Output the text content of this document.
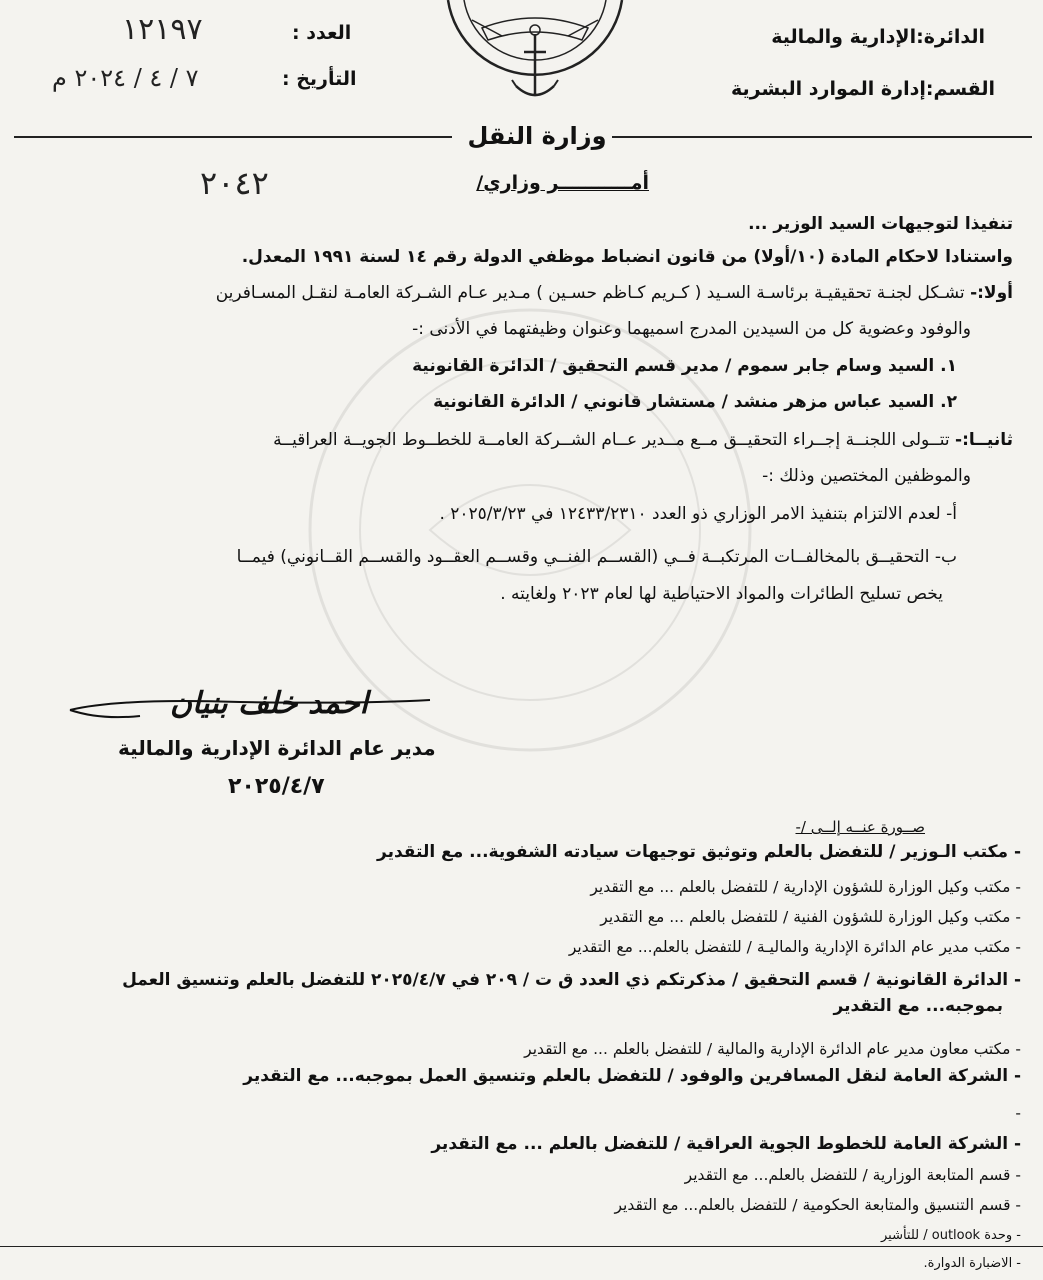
الدائرة:الإدارية والمالية
القسم:إدارة الموارد البشرية
العدد :
١٢١٩٧
التأريخ :
٧ / ٤ / ٢٠٢٤ م
وزارة النقل
أمـــــــــــر وزاري/
٢٠٤٢
تنفيذا لتوجيهات السيد الوزير ...
واستنادا لاحكام المادة (١٠/أولا) من قانون انضباط موظفي الدولة رقم ١٤ لسنة ١٩٩١ المعدل.
أولا:- تشـكل لجنـة تحقيقيـة برئاسـة السـيد ( كـريم كـاظم حسـين ) مـدير عـام الشـركة العامـة لنقـل المسـافرين
والوفود وعضوية كل من السيدين المدرج اسميهما وعنوان وظيفتهما في الأدنى :-
١. السيد وسام جابر سموم / مدير قسم التحقيق / الدائرة القانونية
٢. السيد عباس مزهر منشد / مستشار قانوني / الدائرة القانونية
ثانيــا:- تتــولى اللجنــة إجــراء التحقيــق مــع مــدير عــام الشــركة العامــة للخطــوط الجويــة العراقيــة
والموظفين المختصين وذلك :-
أ- لعدم الالتزام بتنفيذ الامر الوزاري ذو العدد ١٢٤٣٣/٢٣١٠ في ٢٠٢٥/٣/٢٣ .
ب- التحقيــق بالمخالفــات المرتكبــة فــي (القســم الفنــي وقســم العقــود والقســم القــانوني) فيمــا
يخص تسليح الطائرات والمواد الاحتياطية لها لعام ٢٠٢٣ ولغايته .
احمد خلف بنيان
مدير عام الدائرة الإدارية والمالية
٢٠٢٥/٤/٧
صــورة عنــه إلــى /-
- مكتب الـوزير / للتفضل بالعلم وتوثيق توجيهات سيادته الشفوية... مع التقدير
- مكتب وكيل الوزارة للشؤون الإدارية / للتفضل بالعلم ... مع التقدير
- مكتب وكيل الوزارة للشؤون الفنية / للتفضل بالعلم ... مع التقدير
- مكتب مدير عام الدائرة الإدارية والماليـة / للتفضل بالعلم... مع التقدير
- الدائرة القانونية / قسم التحقيق / مذكرتكم ذي العدد ق ت / ٢٠٩ في ٢٠٢٥/٤/٧ للتفضل بالعلم وتنسيق العمل
بموجبه... مع التقدير
- مكتب معاون مدير عام الدائرة الإدارية والمالية / للتفضل بالعلم ... مع التقدير
- الشركة العامة لنقل المسافرين والوفود / للتفضل بالعلم وتنسيق العمل بموجبه... مع التقدير
-
- الشركة العامة للخطوط الجوية العراقية / للتفضل بالعلم ... مع التقدير
- قسم المتابعة الوزارية / للتفضل بالعلم... مع التقدير
- قسم التنسيق والمتابعة الحكومية / للتفضل بالعلم... مع التقدير
- وحدة outlook / للتأشير
- الاضبارة الدوارة.
